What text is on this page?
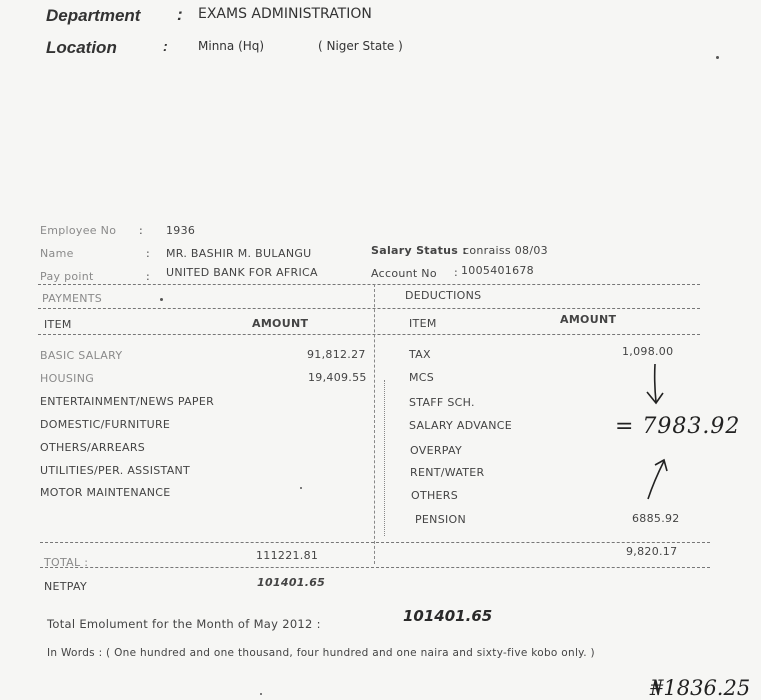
Department : EXAMS ADMINISTRATION
Location	:	Minna (Hq)	( Niger State )
Employee No : 1936
Name	: MR. BASHIR M. BULANGU	Salary Status :
conraiss 08/03
Pay point	: UNITED BANK FOR AFRICA	Account No : 1005401678
PAYMENTS
ITEM	AMOUNT
BASIC SALARY	91,812.27
HOUSING	19,409.55
ENTERTAINMENT/NEWS PAPER
DOMESTIC/FURNITURE
OTHERS/ARREARS
UTILITIES/PER. ASSISTANT
MOTOR MAINTENANCE
DEDUCTIONS
ITEM	AMOUNT
TAX	1,098.00
MCS
STAFF SCH.
SALARY ADVANCE
OVERPAY
RENT/WATER
OTHERS
PENSION	6885.92
= 7983.92
TOTAL :
111221.81	9,820.17
NETPAY	101401.65
Total Emolument for the Month of May 2012 :	101401.65
In Words : ( One hundred and one thousand, four hundred and one naira and sixty-five kobo only. )
₦1836.25
